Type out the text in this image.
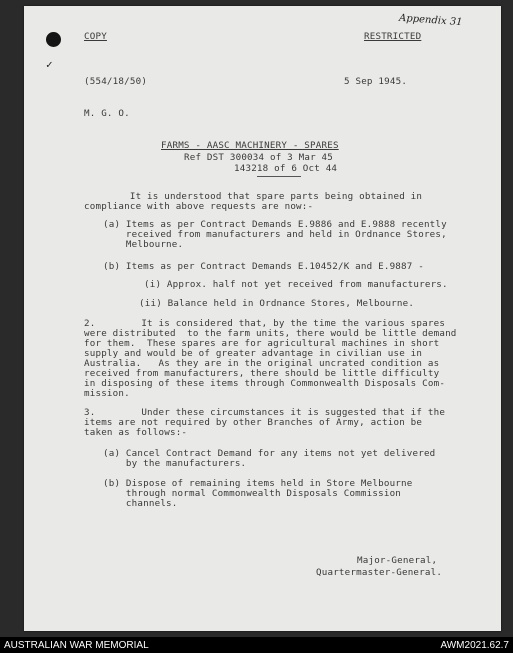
✓
Appendix 31
COPY	RESTRICTED
(554/18/50)	5 Sep 1945.
M. G. O.
FARMS - AASC MACHINERY - SPARES
Ref DST 300034 of 3 Mar 45
143218 of 6 Oct 44
It is understood that spare parts being obtained in
compliance with above requests are now:-
(a) Items as per Contract Demands E.9886 and E.9888 recently
received from manufacturers and held in Ordnance Stores,
Melbourne.
(b) Items as per Contract Demands E.10452/K and E.9887 -
(i) Approx. half not yet received from manufacturers.
(ii) Balance held in Ordnance Stores, Melbourne.
2.        It is considered that, by the time the various spares
were distributed  to the farm units, there would be little demand
for them.  These spares are for agricultural machines in short
supply and would be of greater advantage in civilian use in
Australia.   As they are in the original uncrated condition as
received from manufacturers, there should be little difficulty
in disposing of these items through Commonwealth Disposals Com-
mission.
3.        Under these circumstances it is suggested that if the
items are not required by other Branches of Army, action be
taken as follows:-
(a) Cancel Contract Demand for any items not yet delivered
by the manufacturers.
(b) Dispose of remaining items held in Store Melbourne
through normal Commonwealth Disposals Commission
channels.
Major-General,
Quartermaster-General.
AUSTRALIAN WAR MEMORIAL	AWM2021.62.7
